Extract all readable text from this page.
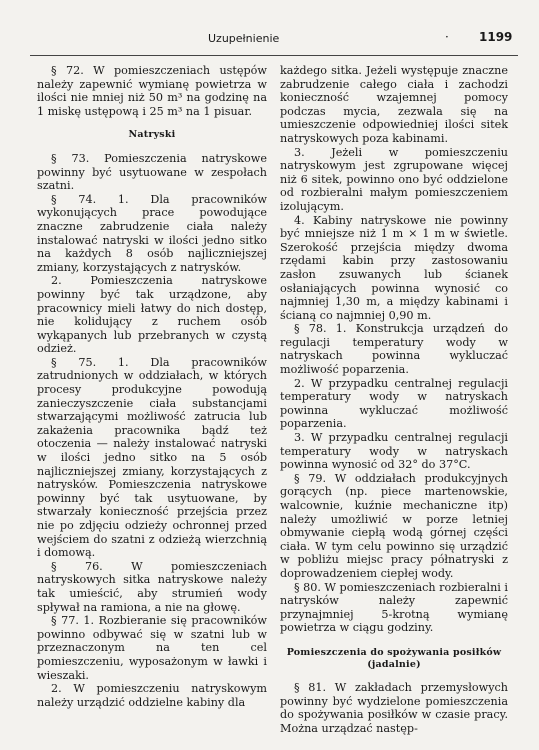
Uzupełnienie	·	1199

§ 72. W pomieszczeniach ustępów należy zapewnić wymianę powietrza w ilości nie mniej niż 50 m³ na godzinę na 1 miskę ustępową i 25 m³ na 1 pisuar.

Natryski

§ 73. Pomieszczenia natryskowe powinny być usytuowane w zespołach szatni.

§ 74. 1. Dla pracowników wykonujących prace powodujące znaczne zabrudzenie ciała należy instalować natryski w ilości jedno sitko na każdych 8 osób najliczniejszej zmiany, korzystających z natrysków.

2. Pomieszczenia natryskowe powinny być tak urządzone, aby pracownicy mieli łatwy do nich dostęp, nie kolidujący z ruchem osób wykąpanych lub przebranych w czystą odzież.

§ 75. 1. Dla pracowników zatrudnionych w oddziałach, w których procesy produkcyjne powodują zanieczyszczenie ciała substancjami stwarzającymi możliwość zatrucia lub zakażenia pracownika bądź też otoczenia — należy instalować natryski w ilości jedno sitko na 5 osób najliczniejszej zmiany, korzystających z natrysków. Pomieszczenia natryskowe powinny być tak usytuowane, by stwarzały konieczność przejścia przez nie po zdjęciu odzieży ochronnej przed wejściem do szatni z odzieżą wierzchnią i domową.

§ 76. W pomieszczeniach natryskowych sitka natryskowe należy tak umieścić, aby strumień wody spływał na ramiona, a nie na głowę.

§ 77. 1. Rozbieranie się pracowników powinno odbywać się w szatni lub w przeznaczonym na ten cel pomieszczeniu, wyposażonym w ławki i wieszaki.

2. W pomieszczeniu natryskowym należy urządzić oddzielne kabiny dla

każdego sitka. Jeżeli występuje znaczne zabrudzenie całego ciała i zachodzi konieczność wzajemnej pomocy podczas mycia, zezwala się na umieszczenie odpowiedniej ilości sitek natryskowych poza kabinami.

3. Jeżeli w pomieszczeniu natryskowym jest zgrupowane więcej niż 6 sitek, powinno ono być oddzielone od rozbieralni małym pomieszczeniem izolującym.

4. Kabiny natryskowe nie powinny być mniejsze niż 1 m × 1 m w świetle. Szerokość przejścia między dwoma rzędami kabin przy zastosowaniu zasłon zsuwanych lub ścianek osłaniających powinna wynosić co najmniej 1,30 m, a między kabinami i ścianą co najmniej 0,90 m.

§ 78. 1. Konstrukcja urządzeń do regulacji temperatury wody w natryskach powinna wykluczać możliwość poparzenia.

2. W przypadku centralnej regulacji temperatury wody w natryskach powinna wykluczać możliwość poparzenia.

3. W przypadku centralnej regulacji temperatury wody w natryskach powinna wynosić od 32° do 37°C.

§ 79. W oddziałach produkcyjnych gorących (np. piece martenowskie, walcownie, kuźnie mechaniczne itp) należy umożliwić w porze letniej obmywanie ciepłą wodą górnej części ciała. W tym celu powinno się urządzić w pobliżu miejsc pracy półnatryski z doprowadzeniem ciepłej wody.

§ 80. W pomieszczeniach rozbieralni i natrysków należy zapewnić przynajmniej 5-krotną wymianę powietrza w ciągu godziny.

Pomieszczenia do spożywania posiłków
(jadalnie)

§ 81. W zakładach przemysłowych powinny być wydzielone pomieszczenia do spożywania posiłków w czasie pracy. Można urządzać następ-
